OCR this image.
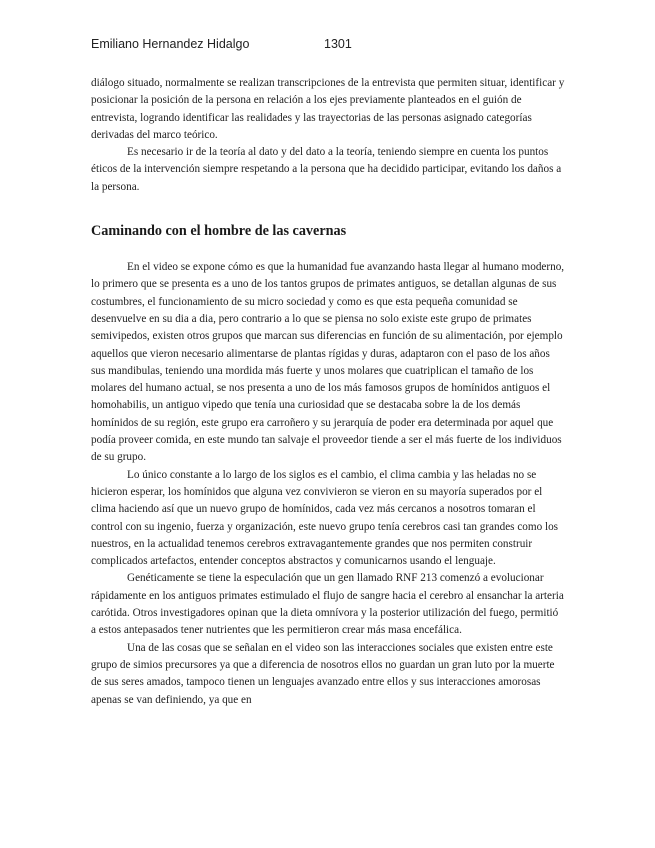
Emiliano Hernandez Hidalgo	1301

diálogo situado, normalmente se realizan transcripciones de la entrevista que permiten situar, identificar y posicionar la posición de la persona en relación a los ejes previamente planteados en el guión de entrevista, logrando identificar las realidades y las trayectorias de las personas asignado categorías derivadas del marco teórico.

Es necesario ir de la teoría al dato y del dato a la teoría, teniendo siempre en cuenta los puntos éticos de la intervención siempre respetando a la persona que ha decidido participar, evitando los daños a la persona.

Caminando con el hombre de las cavernas

En el video se expone cómo es que la humanidad fue avanzando hasta llegar al humano moderno, lo primero que se presenta es a uno de los tantos grupos de primates antiguos, se detallan algunas de sus costumbres, el funcionamiento de su micro sociedad y como es que esta pequeña comunidad se desenvuelve en su dia a dia, pero contrario a lo que se piensa no solo existe este grupo de primates semivipedos, existen otros grupos que marcan sus diferencias en función de su alimentación, por ejemplo aquellos que vieron necesario alimentarse de plantas rígidas y duras, adaptaron con el paso de los años sus mandibulas, teniendo una mordida más fuerte y unos molares que cuatriplican el tamaño de los molares del humano actual, se nos presenta a uno de los más famosos grupos de homínidos antiguos el homohabilis, un antiguo vipedo que tenía una curiosidad que se destacaba sobre la de los demás homínidos de su región, este grupo era carroñero y su jerarquía de poder era determinada por aquel que podía proveer comida, en este mundo tan salvaje el proveedor tiende a ser el más fuerte de los individuos de su grupo.

Lo único constante a lo largo de los siglos es el cambio, el clima cambia y las heladas no se hicieron esperar, los homínidos que alguna vez convivieron se vieron en su mayoría superados por el clima haciendo así que un nuevo grupo de homínidos, cada vez más cercanos a nosotros tomaran el control con su ingenio, fuerza y organización, este nuevo grupo tenía cerebros casi tan grandes como los nuestros, en la actualidad tenemos cerebros extravagantemente grandes que nos permiten construir complicados artefactos, entender conceptos abstractos y comunicarnos usando el lenguaje.

Genéticamente se tiene la especulación que un gen llamado RNF 213 comenzó a evolucionar rápidamente en los antiguos primates estimulado el flujo de sangre hacia el cerebro al ensanchar la arteria carótida. Otros investigadores opinan que la dieta omnívora y la posterior utilización del fuego, permitió a estos antepasados tener nutrientes que les permitieron crear más masa encefálica.

Una de las cosas que se señalan en el video son las interacciones sociales que existen entre este grupo de simios precursores ya que a diferencia de nosotros ellos no guardan un gran luto por la muerte de sus seres amados, tampoco tienen un lenguajes avanzado entre ellos y sus interacciones amorosas apenas se van definiendo, ya que en
